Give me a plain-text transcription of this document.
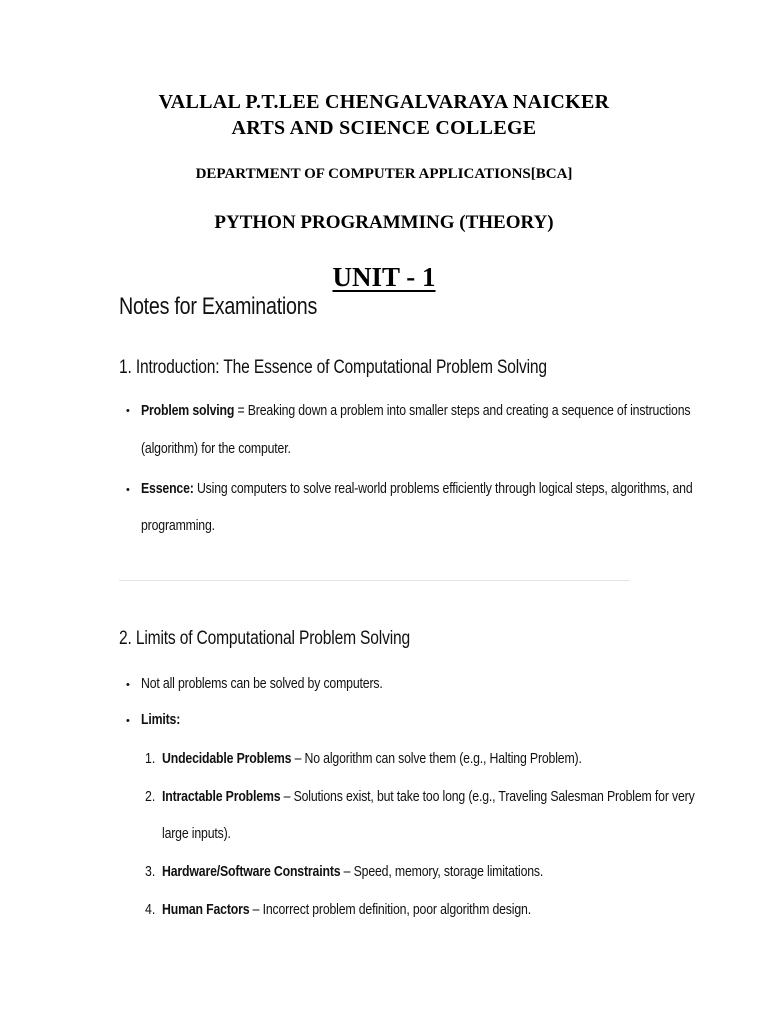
VALLAL P.T.LEE CHENGALVARAYA NAICKER
ARTS AND SCIENCE COLLEGE
DEPARTMENT OF COMPUTER APPLICATIONS[BCA]
PYTHON PROGRAMMING (THEORY)
UNIT - 1
Notes for Examinations
1. Introduction: The Essence of Computational Problem Solving
• Problem solving = Breaking down a problem into smaller steps and creating a sequence of instructions
(algorithm) for the computer.
• Essence: Using computers to solve real-world problems efficiently through logical steps, algorithms, and
programming.
2. Limits of Computational Problem Solving
• Not all problems can be solved by computers.
• Limits:
1. Undecidable Problems – No algorithm can solve them (e.g., Halting Problem).
2. Intractable Problems – Solutions exist, but take too long (e.g., Traveling Salesman Problem for very
large inputs).
3. Hardware/Software Constraints – Speed, memory, storage limitations.
4. Human Factors – Incorrect problem definition, poor algorithm design.
